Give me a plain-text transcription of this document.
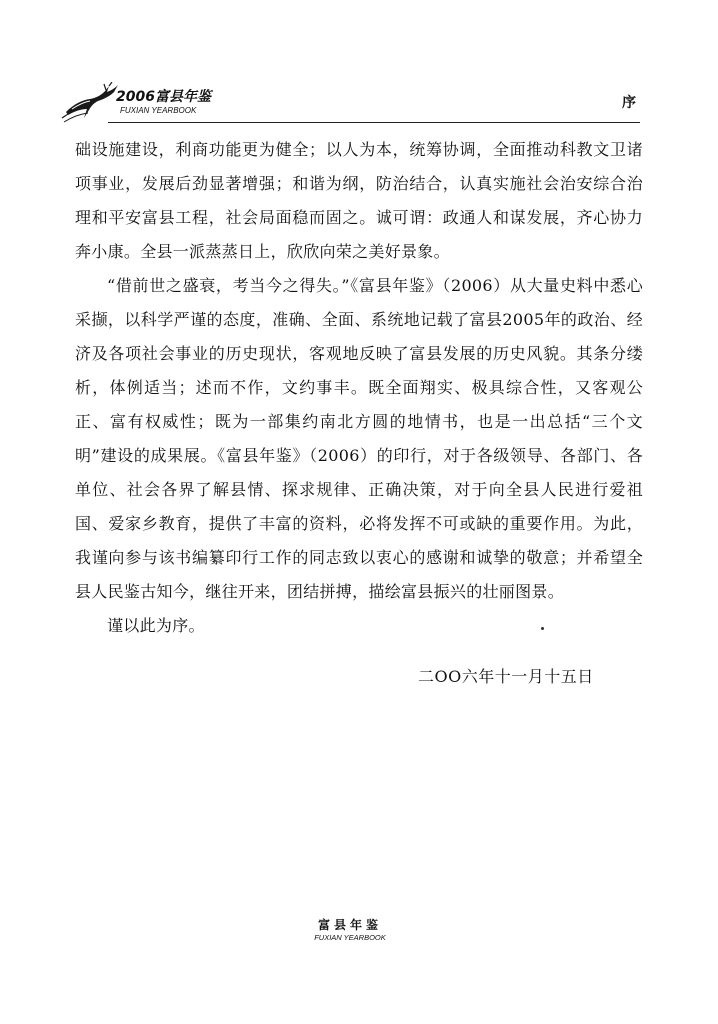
2006富县年鉴
FUXIAN YEARBOOK	序

础设施建设，利商功能更为健全；以人为本，统筹协调，全面推动科教文卫诸项事业，发展后劲显著增强；和谐为纲，防治结合，认真实施社会治安综合治理和平安富县工程，社会局面稳而固之。诚可谓：政通人和谋发展，齐心协力奔小康。全县一派蒸蒸日上，欣欣向荣之美好景象。

“借前世之盛衰，考当今之得失。”《富县年鉴》（2006）从大量史料中悉心采撷，以科学严谨的态度，准确、全面、系统地记载了富县2005年的政治、经济及各项社会事业的历史现状，客观地反映了富县发展的历史风貌。其条分缕析，体例适当；述而不作，文约事丰。既全面翔实、极具综合性，又客观公正、富有权威性；既为一部集约南北方圆的地情书，也是一出总括“三个文明”建设的成果展。《富县年鉴》（2006）的印行，对于各级领导、各部门、各单位、社会各界了解县情、探求规律、正确决策，对于向全县人民进行爱祖国、爱家乡教育，提供了丰富的资料，必将发挥不可或缺的重要作用。为此，我谨向参与该书编纂印行工作的同志致以衷心的感谢和诚挚的敬意；并希望全县人民鉴古知今，继往开来，团结拼搏，描绘富县振兴的壮丽图景。

谨以此为序。

二OO六年十一月十五日
富县年鉴
FUXIAN YEARBOOK
